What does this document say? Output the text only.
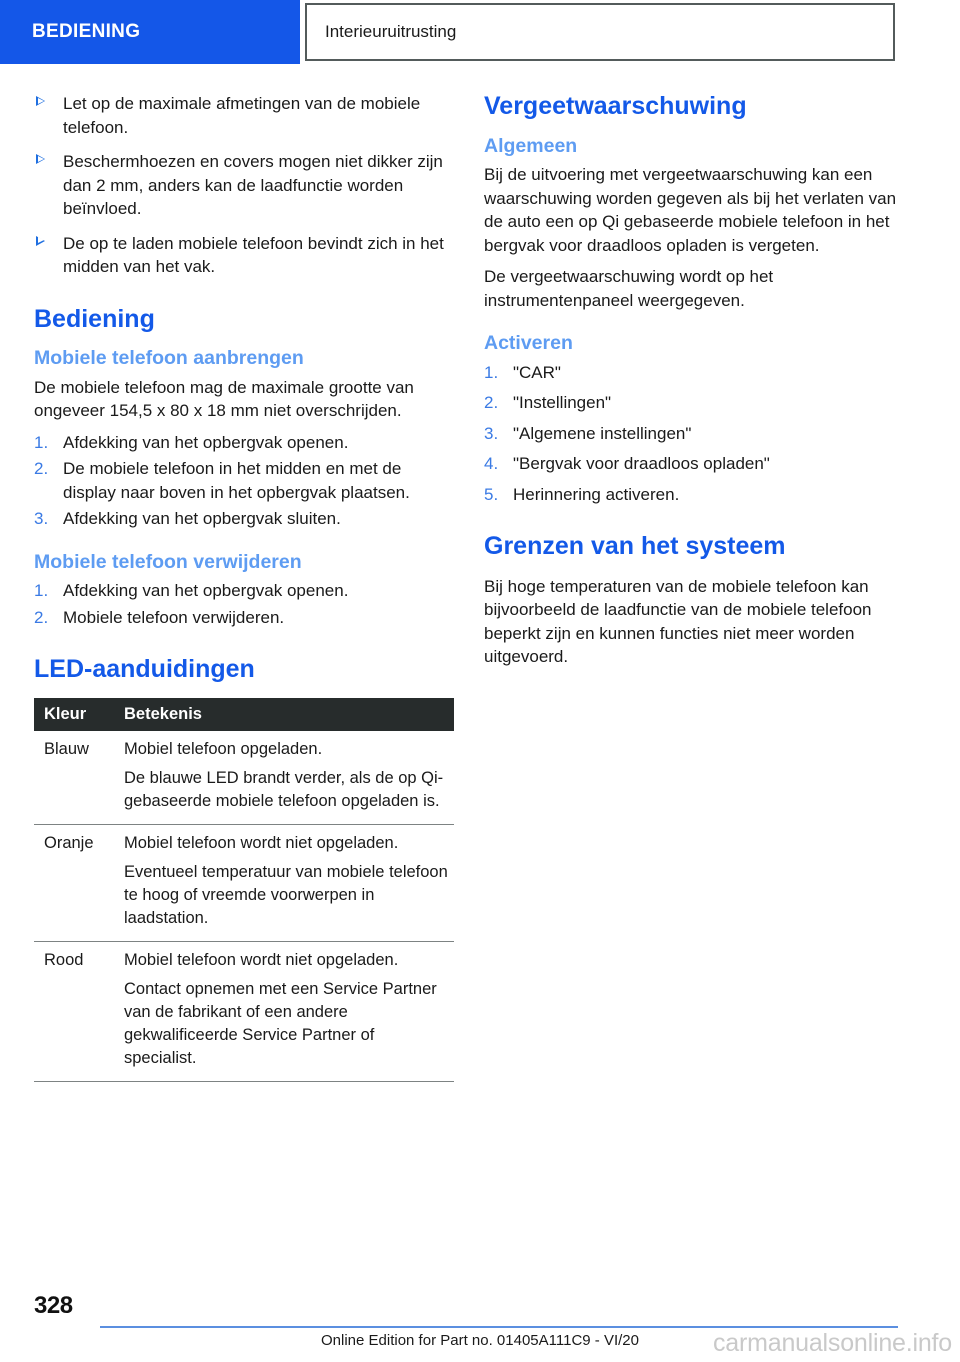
BEDIENING	Interieuruitrusting
Let op de maximale afmetingen van de mobiele telefoon.
Beschermhoezen en covers mogen niet dikker zijn dan 2 mm, anders kan de laadfunctie worden beïnvloed.
De op te laden mobiele telefoon bevindt zich in het midden van het vak.
Bediening
Mobiele telefoon aanbrengen

De mobiele telefoon mag de maximale grootte van ongeveer 154,5 x 80 x 18 mm niet overschrijden.

1. Afdekking van het opbergvak openen.
2. De mobiele telefoon in het midden en met de display naar boven in het opbergvak plaatsen.
3. Afdekking van het opbergvak sluiten.
Mobiele telefoon verwijderen
1. Afdekking van het opbergvak openen.
2. Mobiele telefoon verwijderen.
LED-aanduidingen
Kleur	Betekenis
Blauw	Mobiel telefoon opgeladen.

De blauwe LED brandt verder, als de op Qi-gebaseerde mobiele telefoon opgeladen is.

Oranje	Mobiel telefoon wordt niet opgeladen.

Eventueel temperatuur van mobiele telefoon te hoog of vreemde voorwerpen in laadstation.

Rood	Mobiel telefoon wordt niet opgeladen.

Contact opnemen met een Service Partner van de fabrikant of een andere gekwalificeerde Service Partner of specialist.

Vergeetwaarschuwing
Algemeen

Bij de uitvoering met vergeetwaarschuwing kan een waarschuwing worden gegeven als bij het verlaten van de auto een op Qi gebaseerde mobiele telefoon in het bergvak voor draadloos opladen is vergeten.

De vergeetwaarschuwing wordt op het instrumentenpaneel weergegeven.

Activeren
1. "CAR"
2. "Instellingen"
3. "Algemene instellingen"
4. "Bergvak voor draadloos opladen"
5. Herinnering activeren.
Grenzen van het systeem

Bij hoge temperaturen van de mobiele telefoon kan bijvoorbeeld de laadfunctie van de mobiele telefoon beperkt zijn en kunnen functies niet meer worden uitgevoerd.

328
Online Edition for Part no. 01405A111C9 - VI/20	carmanualsonline.info
